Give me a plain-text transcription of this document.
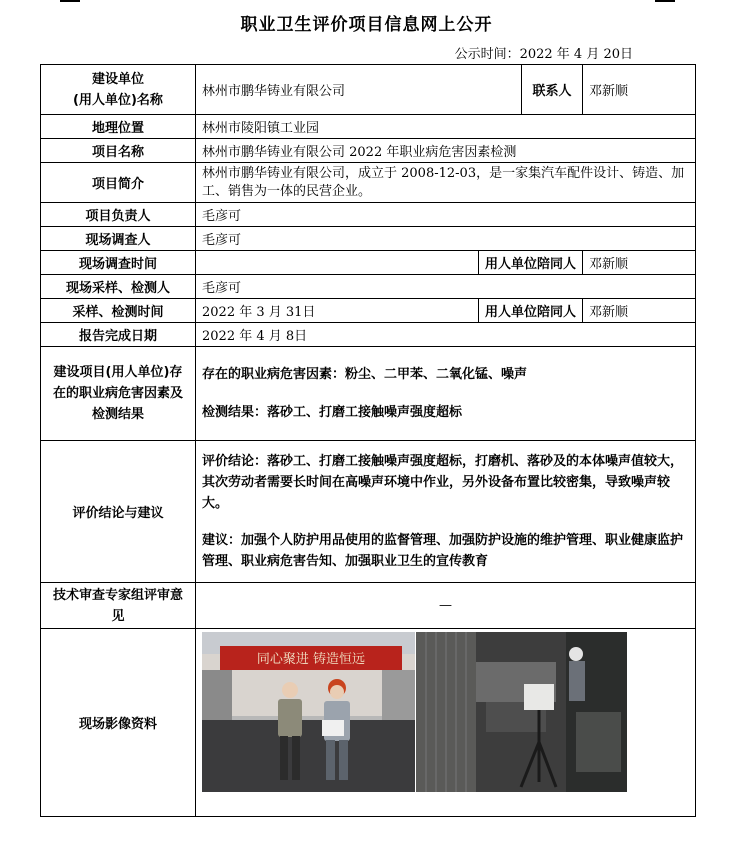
职业卫生评价项目信息网上公开
公示时间：2022 年 4 月 20日
建设单位
(用人单位)名称	林州市鹏华铸业有限公司		联系人	邓新顺
地理位置	林州市陵阳镇工业园			
项目名称	林州市鹏华铸业有限公司 2022 年职业病危害因素检测			
项目简介	林州市鹏华铸业有限公司，成立于 2008-12-03，是一家集汽车配件设计、铸造、加工、销售为一体的民营企业。			
项目负责人	毛彦可			
现场调查人	毛彦可			
现场调查时间		用人单位陪同人		邓新顺
现场采样、检测人	毛彦可			
采样、检测时间	2022 年 3 月 31日	用人单位陪同人		邓新顺
报告完成日期	2022 年 4 月 8日			
建设项目(用人单位)存在的职业病危害因素及检测结果	存在的职业病危害因素：粉尘、二甲苯、二氧化锰、噪声

检测结果：落砂工、打磨工接触噪声强度超标			

评价结论与建议	评价结论：落砂工、打磨工接触噪声强度超标，打磨机、落砂及的本体噪声值较大，其次劳动者需要长时间在高噪声环境中作业，另外设备布置比较密集，导致噪声较大。

建议：加强个人防护用品使用的监督管理、加强防护设施的维护管理、职业健康监护管理、职业病危害告知、加强职业卫生的宣传教育			

技术审查专家组评审意见	—			
现场影像资料	同心聚进 铸造恒远			
